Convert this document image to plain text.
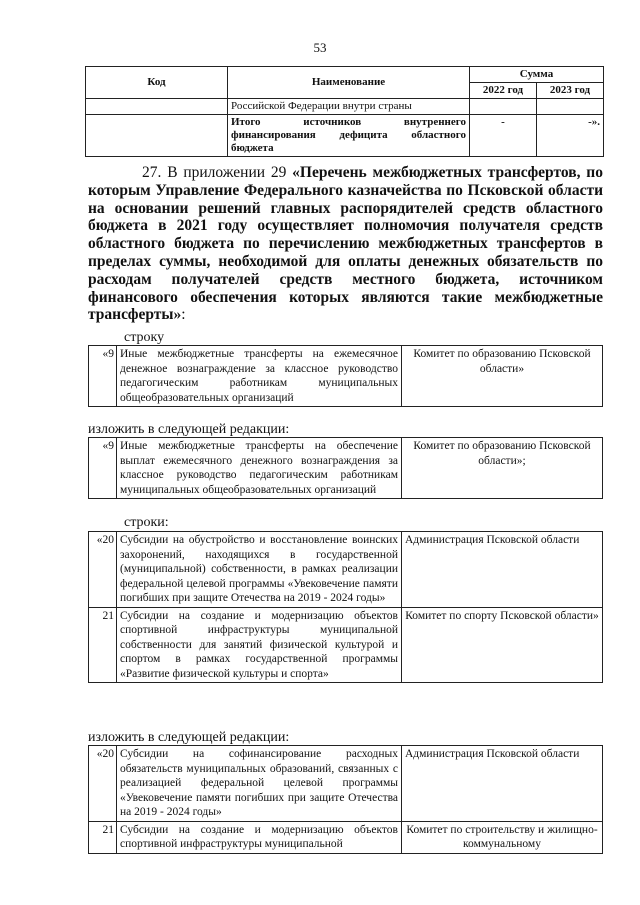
53
Код	Наименование	Сумма	
		2022 год	2023 год
	Российской Федерации внутри страны		
	Итого источников внутреннего финансирования дефицита областного бюджета	-	-».
27. В приложении 29 «Перечень межбюджетных трансфертов, по которым Управление Федерального казначейства по Псковской области на основании решений главных распорядителей средств областного бюджета в 2021 году осуществляет полномочия получателя средств областного бюджета по перечислению межбюджетных трансфертов в пределах суммы, необходимой для оплаты денежных обязательств по расходам получателей средств местного бюджета, источником финансового обеспечения которых являются такие межбюджетные трансферты»:
строку
«9	Иные межбюджетные трансферты на ежемесячное денежное вознаграждение за классное руководство педагогическим работникам муниципальных общеобразовательных организаций	Комитет по образованию Псковской области»
изложить в следующей редакции:
«9	Иные межбюджетные трансферты на обеспечение выплат ежемесячного денежного вознаграждения за классное руководство педагогическим работникам муниципальных общеобразовательных организаций	Комитет по образованию Псковской области»;
строки:
«20	Субсидии на обустройство и восстановление воинских захоронений, находящихся в государственной (муниципальной) собственности, в рамках реализации федеральной целевой программы «Увековечение памяти погибших при защите Отечества на 2019 - 2024 годы»	Администрация Псковской области
21	Субсидии на создание и модернизацию объектов спортивной инфраструктуры муниципальной собственности для занятий физической культурой и спортом в рамках государственной программы «Развитие физической культуры и спорта»	Комитет по спорту Псковской области»
изложить в следующей редакции:
«20	Субсидии на софинансирование расходных обязательств муниципальных образований, связанных с реализацией федеральной целевой программы «Увековечение памяти погибших при защите Отечества на 2019 - 2024 годы»	Администрация Псковской области
21	Субсидии на создание и модернизацию объектов спортивной инфраструктуры муниципальной	Комитет по строительству и жилищно-коммунальному
